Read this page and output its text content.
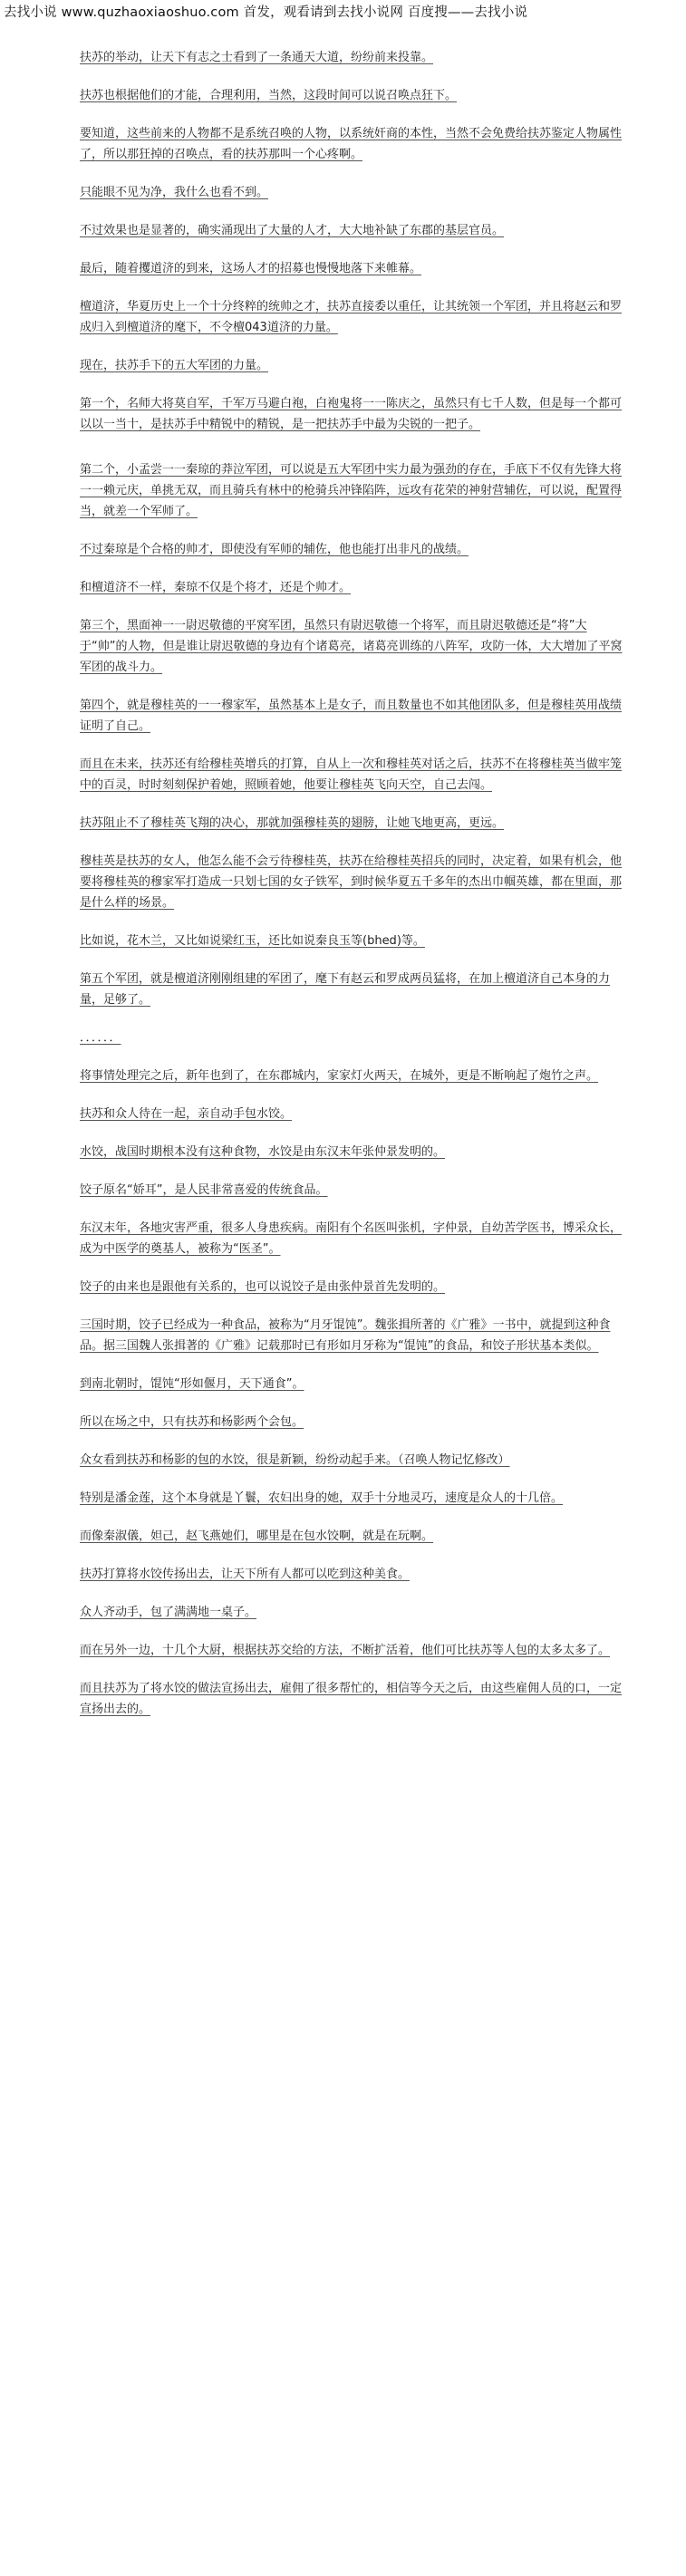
去找小说 www.quzhaoxiaoshuo.com 首发，观看请到去找小说网 百度搜——去找小说

扶苏的举动，让天下有志之士看到了一条通天大道，纷纷前来投靠。

扶苏也根据他们的才能，合理利用，当然，这段时间可以说召唤点狂下。

要知道，这些前来的人物都不是系统召唤的人物，以系统奸商的本性，当然不会免费给扶苏鉴定人物属性了，所以那狂掉的召唤点，看的扶苏那叫一个心疼啊。

只能眼不见为净，我什么也看不到。

不过效果也是显著的，确实涌现出了大量的人才，大大地补缺了东郡的基层官员。

最后，随着攫道济的到来，这场人才的招募也慢慢地落下来帷幕。

檀道济，华夏历史上一个十分终粹的统帅之才，扶苏直接委以重任，让其统领一个军团，并且将赵云和罗成归入到檀道济的麾下，不令檀043道济的力量。

现在，扶苏手下的五大军团的力量。

第一个，名师大将莫自军，千军万马避白袍，白袍鬼将一一陈庆之，虽然只有七千人数，但是每一个都可以以一当十，是扶苏手中精锐中的精锐，是一把扶苏手中最为尖锐的一把子。

第二个，小孟尝一一秦琼的莽泣军团，可以说是五大军团中实力最为强劲的存在，手底下不仅有先锋大将一一赖元庆，单挑无双，而且骑兵有林中的枪骑兵冲锋陷阵，远攻有花荣的神射营辅佐，可以说，配置得当，就差一个军师了。

不过秦琼是个合格的帅才，即使没有军师的辅佐，他也能打出非凡的战绩。

和檀道济不一样，秦琼不仅是个将才，还是个帅才。

第三个，黑面神一一尉迟敬德的平窝军团，虽然只有尉迟敬德一个将军，而且尉迟敬德还是“将”大于“帅”的人物，但是谁让尉迟敬德的身边有个诸葛亮，诸葛亮训练的八阵军，攻防一体，大大增加了平窝军团的战斗力。

第四个，就是穆桂英的一一穆家军，虽然基本上是女子，而且数量也不如其他团队多，但是穆桂英用战绩证明了自己。

而且在未来，扶苏还有给穆桂英增兵的打算，自从上一次和穆桂英对话之后，扶苏不在将穆桂英当做牢笼中的百灵，时时刻刻保护着她，照顾着她，他要让穆桂英飞向天空，自己去闯。

扶苏阻止不了穆桂英飞翔的决心，那就加强穆桂英的翅膀，让她飞地更高，更远。

穆桂英是扶苏的女人，他怎么能不会亏待穆桂英，扶苏在给穆桂英招兵的同时，决定着，如果有机会，他要将穆桂英的穆家军打造成一只划七国的女子铁军，到时候华夏五千多年的杰出巾帼英雄，都在里面，那是什么样的场景。

比如说，花木兰，又比如说梁红玉，还比如说秦良玉等(bhed)等。

第五个军团，就是檀道济刚刚组建的军团了，麾下有赵云和罗成两员猛将，在加上檀道济自己本身的力量，足够了。

．．．．．．

将事情处理完之后，新年也到了，在东郡城内，家家灯火两天，在城外，更是不断响起了炮竹之声。

扶苏和众人待在一起，亲自动手包水饺。

水饺，战国时期根本没有这种食物，水饺是由东汉末年张仲景发明的。

饺子原名“娇耳”，是人民非常喜爱的传统食品。

东汉末年，各地灾害严重，很多人身患疾病。南阳有个名医叫张机，字仲景，自幼苦学医书，博采众长，成为中医学的奠基人，被称为“医圣”。

饺子的由来也是跟他有关系的，也可以说饺子是由张仲景首先发明的。

三国时期，饺子已经成为一种食品，被称为“月牙馄饨”。魏张揖所著的《广雅》一书中，就提到这种食品。据三国魏人张揖著的《广雅》记载那时已有形如月牙称为“馄饨”的食品，和饺子形状基本类似。

到南北朝时，馄饨“形如偃月，天下通食”。

所以在场之中，只有扶苏和杨影两个会包。

众女看到扶苏和杨影的包的水饺，很是新颖，纷纷动起手来。（召唤人物记忆修改）

特别是潘金莲，这个本身就是丫鬟，农妇出身的她，双手十分地灵巧，速度是众人的十几倍。

而像秦淑儀，妲己，赵飞燕她们，哪里是在包水饺啊，就是在玩啊。

扶苏打算将水饺传扬出去，让天下所有人都可以吃到这种美食。

众人齐动手，包了满满地一桌子。

而在另外一边，十几个大厨，根据扶苏交给的方法，不断扩活着，他们可比扶苏等人包的太多太多了。

而且扶苏为了将水饺的做法宣扬出去，雇佣了很多帮忙的，相信等今天之后，由这些雇佣人员的口，一定宣扬出去的。
